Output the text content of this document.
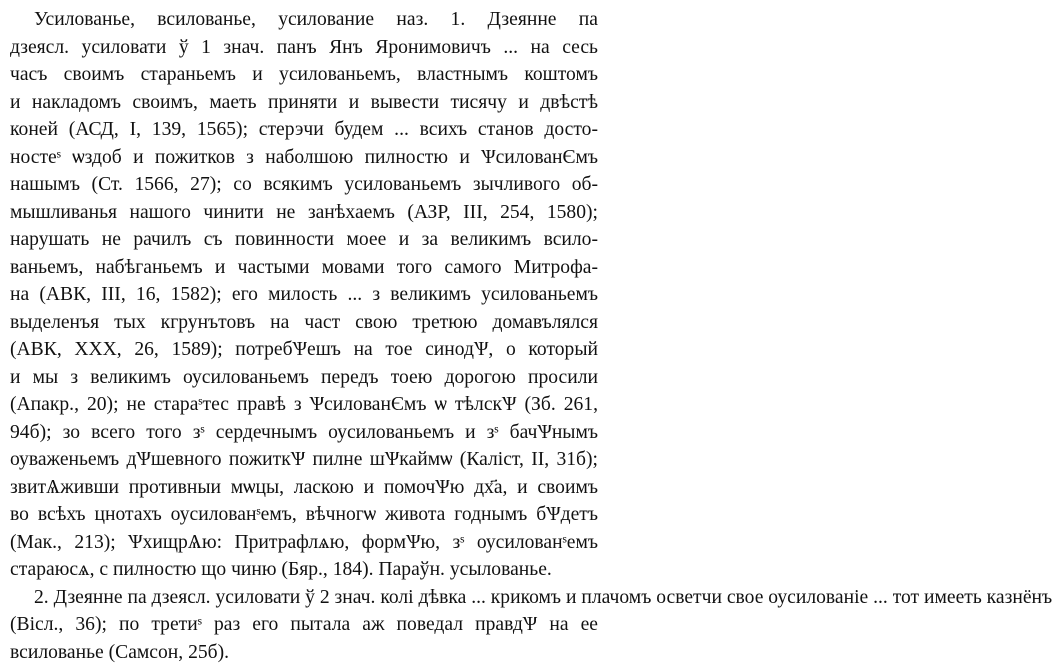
Усилованье, всилованье, усилование наз. 1. Дзеянне па
дзеясл. усиловати ў 1 знач. панъ Янъ Яронимовичъ ... на сесь
часъ своимъ стараньемъ и усилованьемъ, властнымъ коштомъ
и накладомъ своимъ, маеть приняти и вывести тисячу и двѣстѣ
коней (АСД, I, 139, 1565); стерэчи будем ... всихъ станов досто-
ностеˢ ѡздоб и пожитков з наболшою пилностю и ѰсилованЄмъ
нашымъ (Ст. 1566, 27); со всякимъ усилованьемъ зычливого об-
мышливанья нашого чинити не занѣхаемъ (АЗР, III, 254, 1580);
нарушать не рачилъ съ повинности моее и за великимъ всило-
ваньемъ, набѣганьемъ и частыми мовами того самого Митрофа-
на (АВК, III, 16, 1582); его милость ... з великимъ усилованьемъ
выделенъя тых кгрунътовъ на част свою третюю домавълялся
(АВК, XXX, 26, 1589); потребѰешъ на тое синодѰ, о который
и мы з великимъ оусилованьемъ передъ тоею дорогою просили
(Апакр., 20); не стараˢтес правѣ з ѰсилованЄмъ ѡ тѣлскѰ (Зб. 261,
94б); зо всего того зˢ сердечнымъ оусилованьемъ и зˢ бачѰнымъ
оуваженьемъ дѰшевного пожиткѰ пилне шѰкаймѡ (Каліст, II, 31б);
звитѦживши противныи мѡцы, ласкою и помочѰю дх҃а, и своимъ
во всѣхъ цнотахъ оусилованˢемъ, вѣчногѡ живота годнымъ бѰдетъ
(Мак., 213); ѰхищрѦю: Притрафлѧю, формѰю, зˢ оусилованˢемъ
стараюсѧ, с пилностю що чиню (Бяр., 184). Параўн. усылованье.
2. Дзеянне па дзеясл. усиловати ў 2 знач. колі дѣвка ... крикомъ и плачомъ осветчи свое оусилованіе ... тот имееть казнёнъ
(Вісл., 36); по третиˢ раз его пытала аж поведал правдѰ на ее
всилованье (Самсон, 25б).
